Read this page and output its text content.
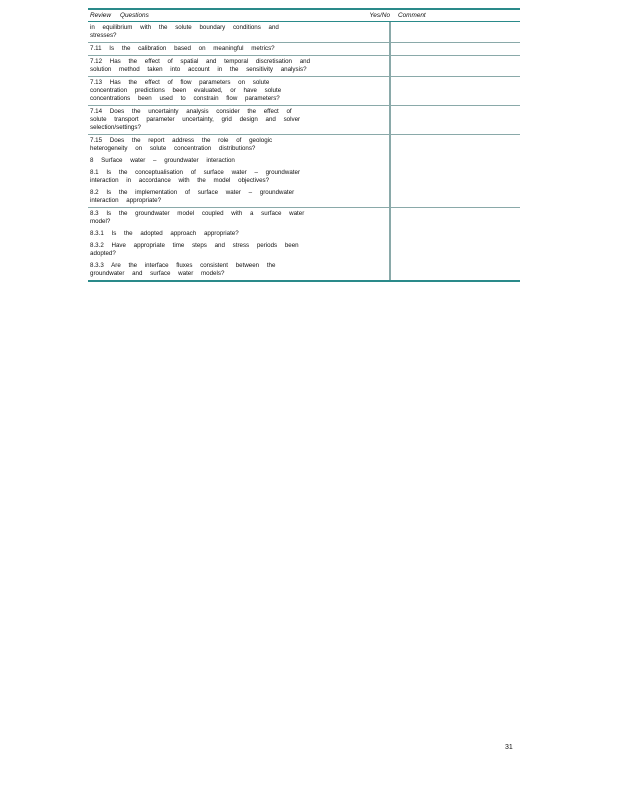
Review	Questions	Yes/No	Comment
in equilibrium with the solute boundary conditions and
stresses?
7.11 Is the calibration based on meaningful metrics?
7.12 Has the effect of spatial and temporal discretisation and
solution method taken into account in the sensitivity analysis?
7.13 Has the effect of flow parameters on solute
concentration predictions been evaluated, or have solute
concentrations been used to constrain flow parameters?
7.14 Does the uncertainty analysis consider the effect of
solute transport parameter uncertainty, grid design and solver
selection/settings?
7.15 Does the report address the role of geologic
heterogeneity on solute concentration distributions?
8 Surface water – groundwater interaction
8.1 Is the conceptualisation of surface water – groundwater
interaction in accordance with the model objectives?
8.2 Is the implementation of surface water – groundwater
interaction appropriate?
8.3 Is the groundwater model coupled with a surface water
model?
8.3.1 Is the adopted approach appropriate?
8.3.2 Have appropriate time steps and stress periods been
adopted?
8.3.3 Are the interface fluxes consistent between the
groundwater and surface water models?
31
